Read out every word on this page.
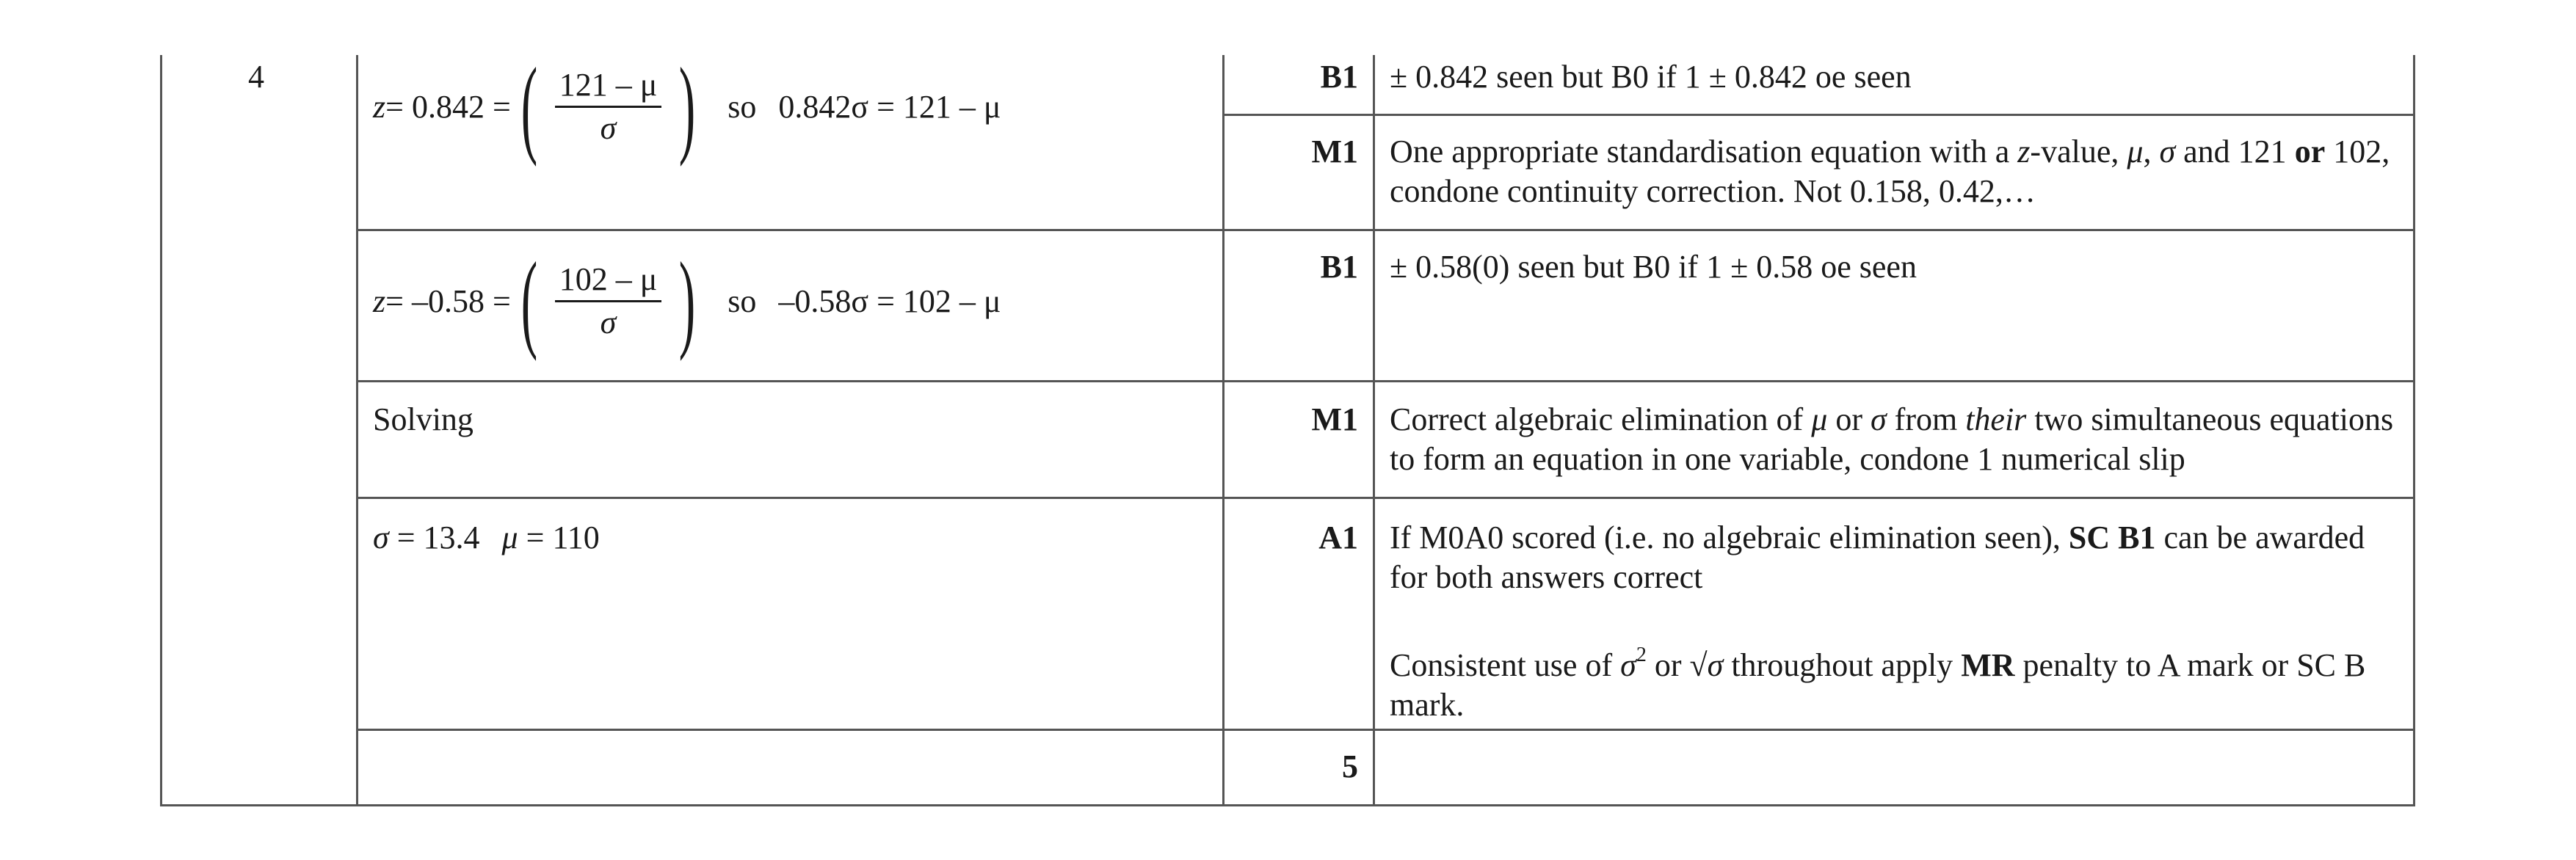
4
z = 0.842 = ( $\frac{121 - \mu}{\sigma}$ ) so 0.842σ = 121 – μ
B1 ± 0.842 seen but B0 if 1 ± 0.842 oe seen
M1 One appropriate standardisation equation with a z-value, μ, σ and 121 or 102, condone continuity correction. Not 0.158, 0.42,…
z = –0.58 = ( $\frac{102 - \mu}{\sigma}$ ) so –0.58σ = 102 – μ
B1 ± 0.58(0) seen but B0 if 1 ± 0.58 oe seen
Solving	M1 Correct algebraic elimination of μ or σ from their two simultaneous equations to form an equation in one variable, condone 1 numerical slip
σ = 13.4 μ = 110	A1 If M0A0 scored (i.e. no algebraic elimination seen), SC B1 can be awarded for both answers correct
Consistent use of $\sigma^2$ or √σ throughout apply MR penalty to A mark or SC B mark.
5
